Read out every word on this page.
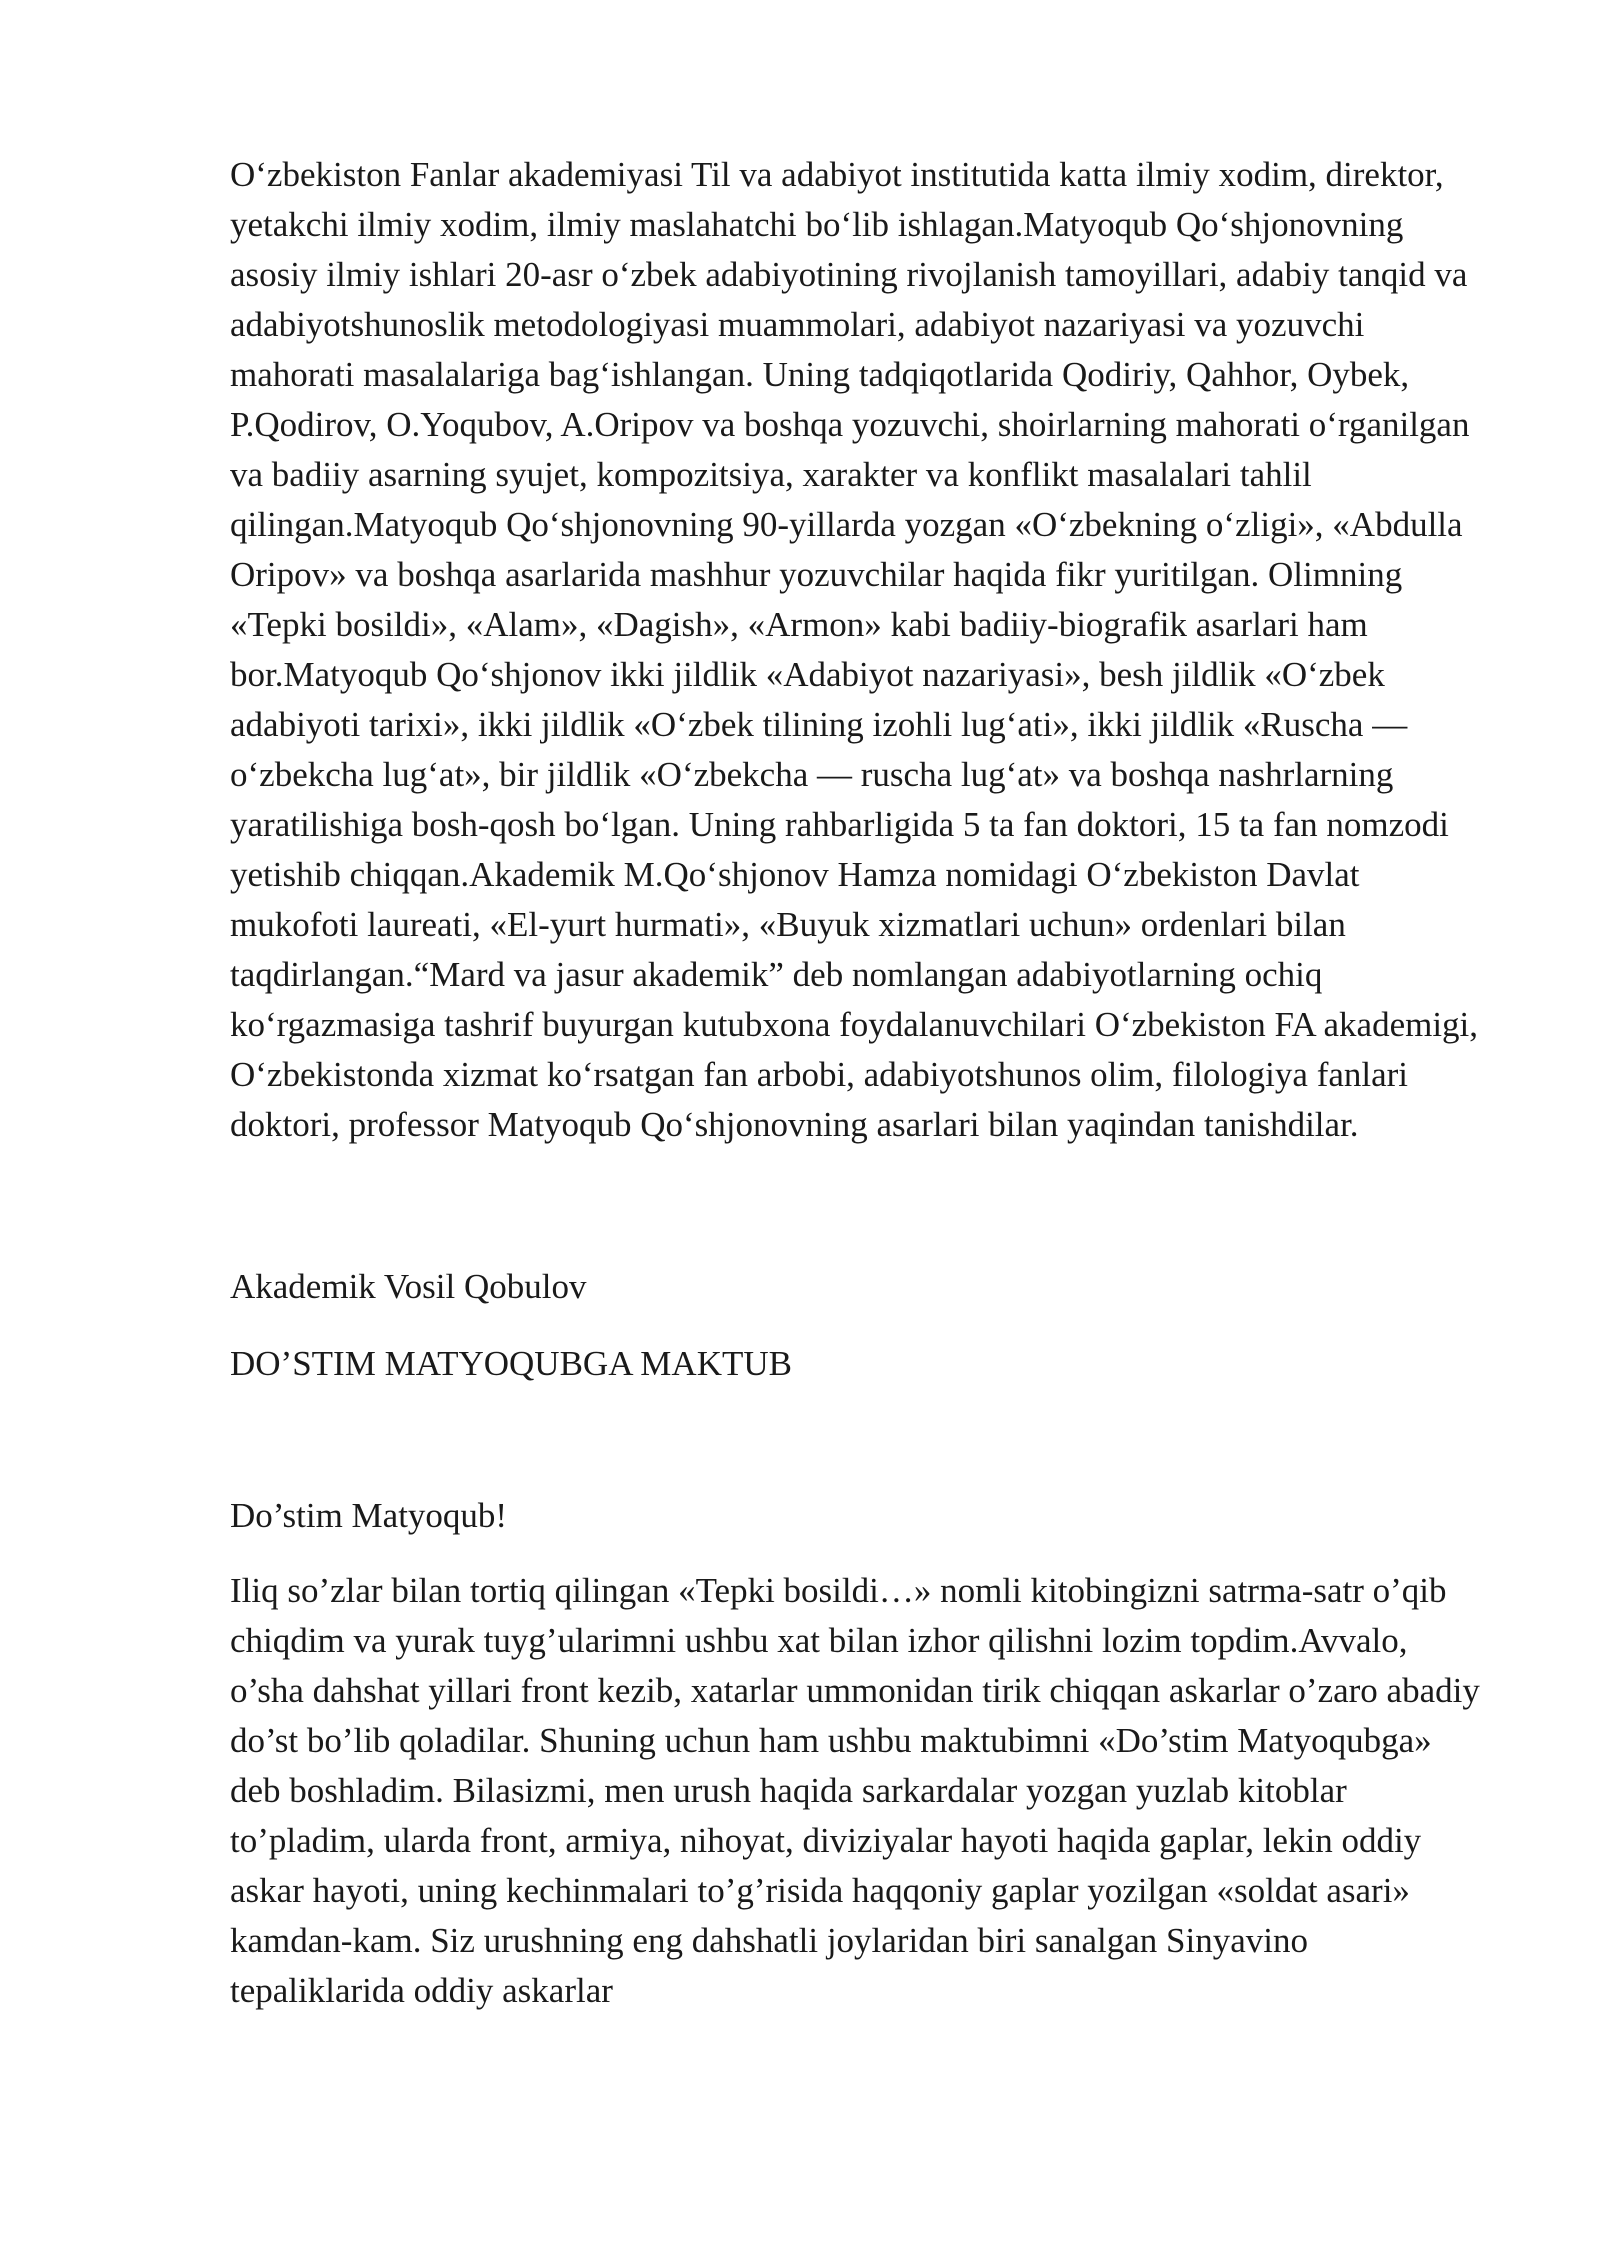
O‘zbekiston Fanlar akademiyasi Til va adabiyot institutida katta ilmiy xodim, direktor, yetakchi ilmiy xodim, ilmiy maslahatchi bo‘lib ishlagan.Matyoqub Qo‘shjonovning asosiy ilmiy ishlari 20-asr o‘zbek adabiyotining rivojlanish tamoyillari, adabiy tanqid va adabiyotshunoslik metodologiyasi muammolari, adabiyot nazariyasi va yozuvchi mahorati masalalariga bag‘ishlangan. Uning tadqiqotlarida Qodiriy, Qahhor, Oybek, P.Qodirov, O.Yoqubov, A.Oripov va boshqa yozuvchi, shoirlarning mahorati o‘rganilgan va badiiy asarning syujet, kompozitsiya, xarakter va konflikt masalalari tahlil qilingan.Matyoqub Qo‘shjonovning 90-yillarda yozgan «O‘zbekning o‘zligi», «Abdulla Oripov» va boshqa asarlarida mashhur yozuvchilar haqida fikr yuritilgan. Olimning «Tepki bosildi», «Alam», «Dagish», «Armon» kabi badiiy-biografik asarlari ham bor.Matyoqub Qo‘shjonov ikki jildlik «Adabiyot nazariyasi», besh jildlik «O‘zbek adabiyoti tarixi», ikki jildlik «O‘zbek tilining izohli lug‘ati», ikki jildlik «Ruscha — o‘zbekcha lug‘at», bir jildlik «O‘zbekcha — ruscha lug‘at» va boshqa nashrlarning yaratilishiga bosh-qosh bo‘lgan. Uning rahbarligida 5 ta fan doktori, 15 ta fan nomzodi yetishib chiqqan.Akademik M.Qo‘shjonov Hamza nomidagi O‘zbekiston Davlat mukofoti laureati, «El-yurt hurmati», «Buyuk xizmatlari uchun» ordenlari bilan taqdirlangan.“Mard va jasur akademik” deb nomlangan adabiyotlarning ochiq ko‘rgazmasiga tashrif buyurgan kutubxona foydalanuvchilari O‘zbekiston FA akademigi, O‘zbekistonda xizmat ko‘rsatgan fan arbobi, adabiyotshunos olim, filologiya fanlari doktori, professor Matyoqub Qo‘shjonovning asarlari bilan yaqindan tanishdilar.

Akademik Vosil Qobulov

DO’STIM MATYOQUBGA MAKTUB

Do’stim Matyoqub!

Iliq so’zlar bilan tortiq qilingan «Tepki bosildi…» nomli kitobingizni satrma-satr o’qib chiqdim va yurak tuyg’ularimni ushbu xat bilan izhor qilishni lozim topdim.Avvalo, o’sha dahshat yillari front kezib, xatarlar ummonidan tirik chiqqan askarlar o’zaro abadiy do’st bo’lib qoladilar. Shuning uchun ham ushbu maktubimni «Do’stim Matyoqubga» deb boshladim. Bilasizmi, men urush haqida sarkardalar yozgan yuzlab kitoblar to’pladim, ularda front, armiya, nihoyat, diviziyalar hayoti haqida gaplar, lekin oddiy askar hayoti, uning kechinmalari to’g’risida haqqoniy gaplar yozilgan «soldat asari» kamdan-kam. Siz urushning eng dahshatli joylaridan biri sanalgan Sinyavino tepaliklarida oddiy askarlar
